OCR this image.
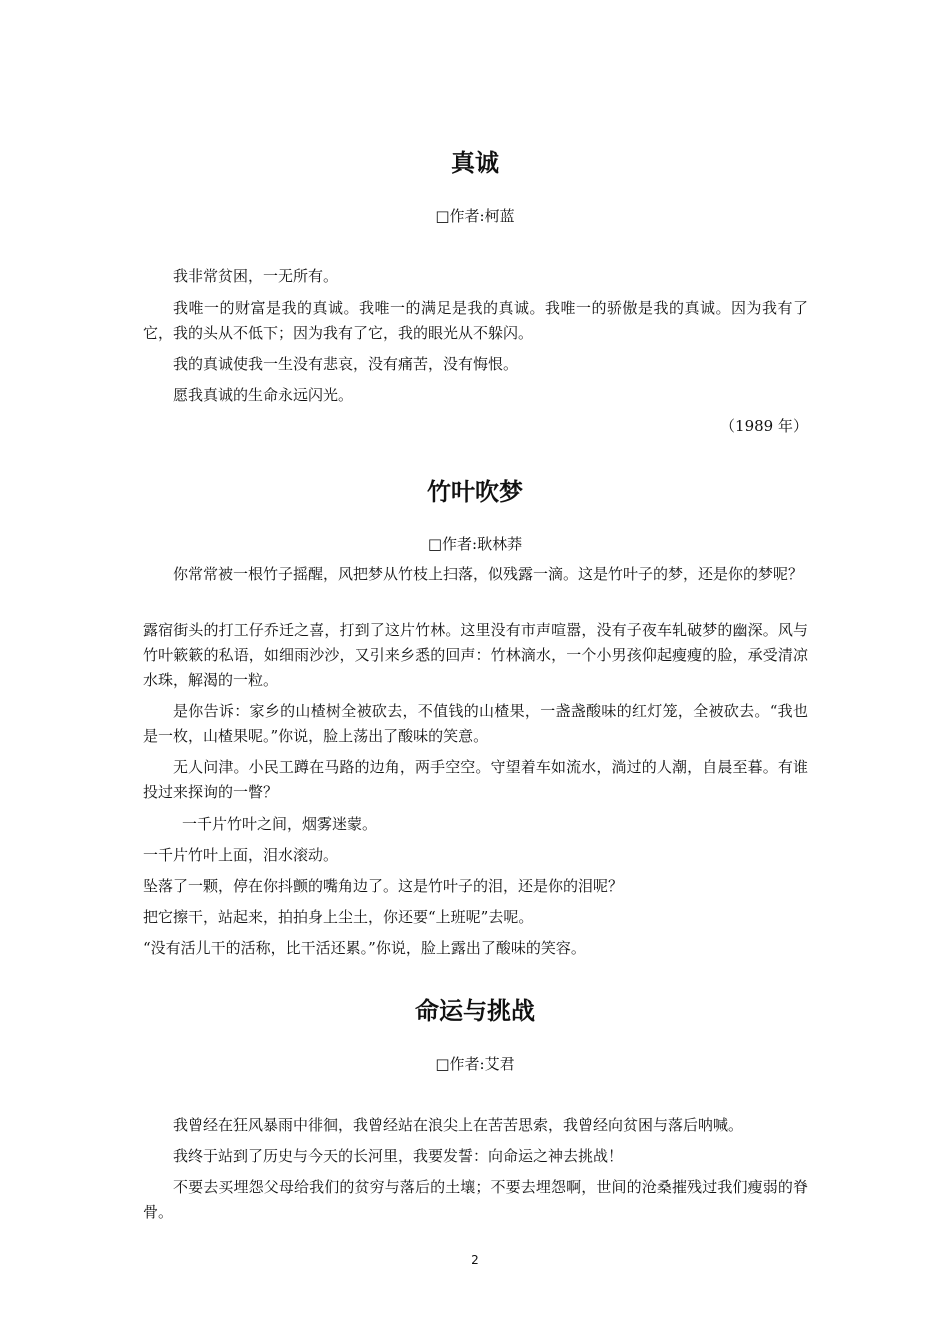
真诚

□作者:柯蓝

我非常贫困，一无所有。

我唯一的财富是我的真诚。我唯一的满足是我的真诚。我唯一的骄傲是我的真诚。因为我有了它，我的头从不低下；因为我有了它，我的眼光从不躲闪。

我的真诚使我一生没有悲哀，没有痛苦，没有悔恨。

愿我真诚的生命永远闪光。

（1989 年）

竹叶吹梦

□作者:耿林莽

你常常被一根竹子摇醒，风把梦从竹枝上扫落，似残露一滴。这是竹叶子的梦，还是你的梦呢？

露宿街头的打工仔乔迁之喜，打到了这片竹林。这里没有市声喧嚣，没有子夜车轧破梦的幽深。风与竹叶簌簌的私语，如细雨沙沙，又引来乡悉的回声：竹林滴水，一个小男孩仰起瘦瘦的脸，承受清凉水珠，解渴的一粒。

是你告诉：家乡的山楂树全被砍去，不值钱的山楂果，一盏盏酸味的红灯笼，全被砍去。“我也是一枚，山楂果呢。”你说，脸上荡出了酸味的笑意。

无人问津。小民工蹲在马路的边角，两手空空。守望着车如流水，淌过的人潮，自晨至暮。有谁投过来探询的一瞥？

一千片竹叶之间，烟雾迷蒙。

一千片竹叶上面，泪水滚动。

坠落了一颗，停在你抖颤的嘴角边了。这是竹叶子的泪，还是你的泪呢？

把它擦干，站起来，拍拍身上尘土，你还要“上班呢”去呢。

“没有活儿干的活称，比干活还累。”你说，脸上露出了酸味的笑容。

命运与挑战

□作者:艾君

我曾经在狂风暴雨中徘徊，我曾经站在浪尖上在苦苦思索，我曾经向贫困与落后呐喊。

我终于站到了历史与今天的长河里，我要发誓：向命运之神去挑战！

不要去买埋怨父母给我们的贫穷与落后的土壤；不要去埋怨啊，世间的沧桑摧残过我们瘦弱的脊骨。

2
